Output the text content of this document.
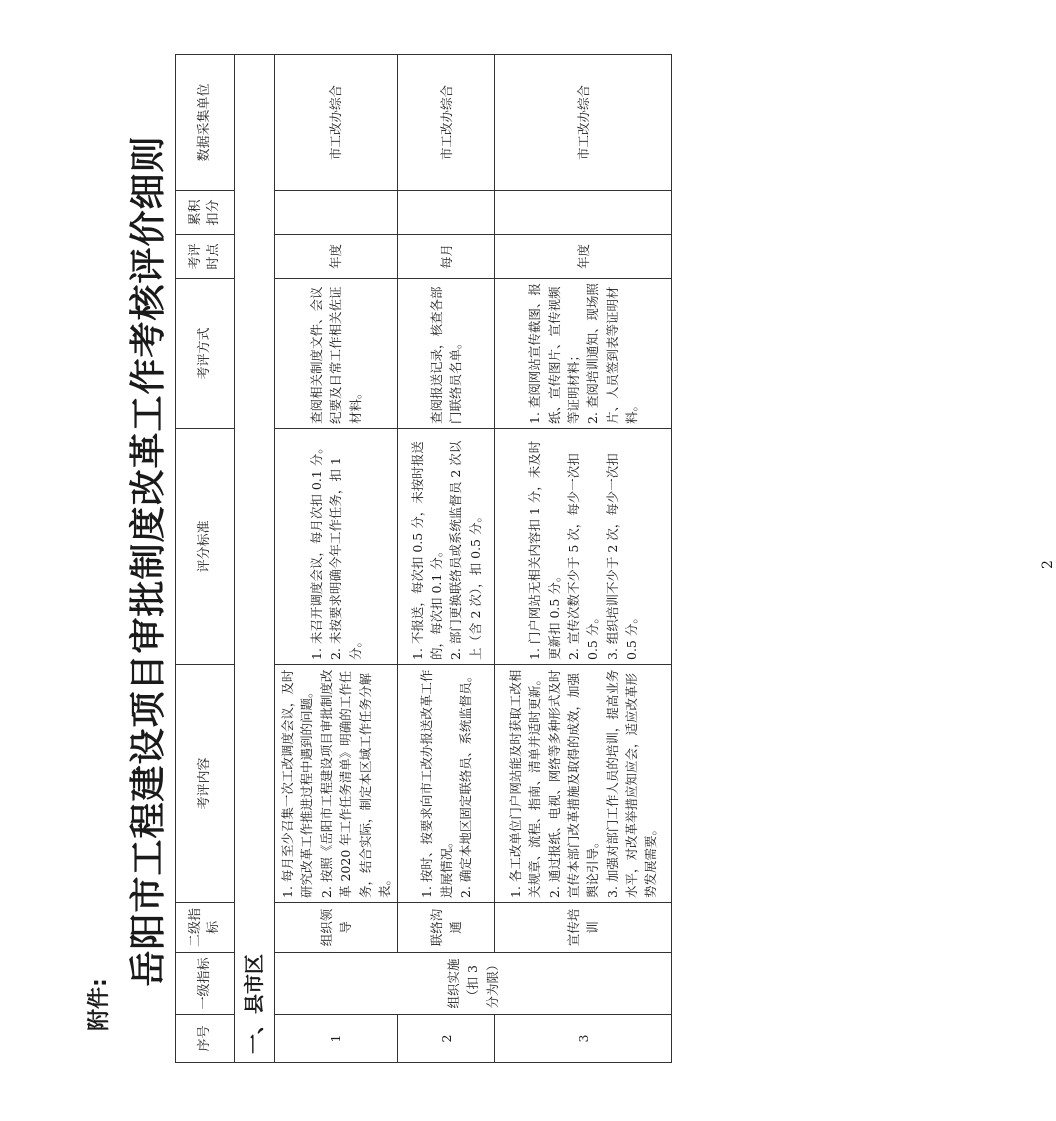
附件:
岳阳市工程建设项目审批制度改革工作考核评价细则
序号	一级指标	二级指标	考评内容	评分标准	考评方式	考评时点	累积扣分	数据采集单位
一、县市区								
1	组织实施（扣 3 分为限）	组织领导	1. 每月至少召集一次工改调度会议，及时研究改革工作推进过程中遇到的问题。 2. 按照《岳阳市工程建设项目审批制度改革 2020 年工作任务清单》明确的工作任务，结合实际，制定本区域工作任务分解表。	1. 未召开调度会议，每月次扣 0.1 分。 2. 未按要求明确今年工作任务，扣 1 分。	查阅相关制度文件、会议纪要及日常工作相关佐证材料。	年度		市工改办综合
2		联络沟通	1. 按时、按要求向市工改办报送改革工作进展情况。 2. 确定本地区固定联络员、系统监督员。	1. 不报送，每次扣 0.5 分，未按时报送的，每次扣 0.1 分。 2. 部门更换联络员或系统监督员 2 次以上（含 2 次），扣 0.5 分。	查阅报送记录，核查各部门联络员名单。	每月		市工改办综合
3		宣传培训	1. 各工改单位门户网站能及时获取工改相关规章、流程、指南、清单并适时更新。 2. 通过报纸、电视、网络等多种形式及时宣传本部门改革措施及取得的成效，加强舆论引导。 3. 加强对部门工作人员的培训，提高业务水平，对改革举措应知应会，适应改革形势发展需要。	1. 门户网站无相关内容扣 1 分，未及时更新扣 0.5 分。 2. 宣传次数不少于 5 次，每少一次扣 0.5 分。 3. 组织培训不少于 2 次，每少一次扣 0.5 分。	1. 查阅网站宣传截图、报纸、宣传图片、宣传视频等证明材料； 2. 查阅培训通知、现场照片、人员签到表等证明材料。	年度		市工改办综合
2
